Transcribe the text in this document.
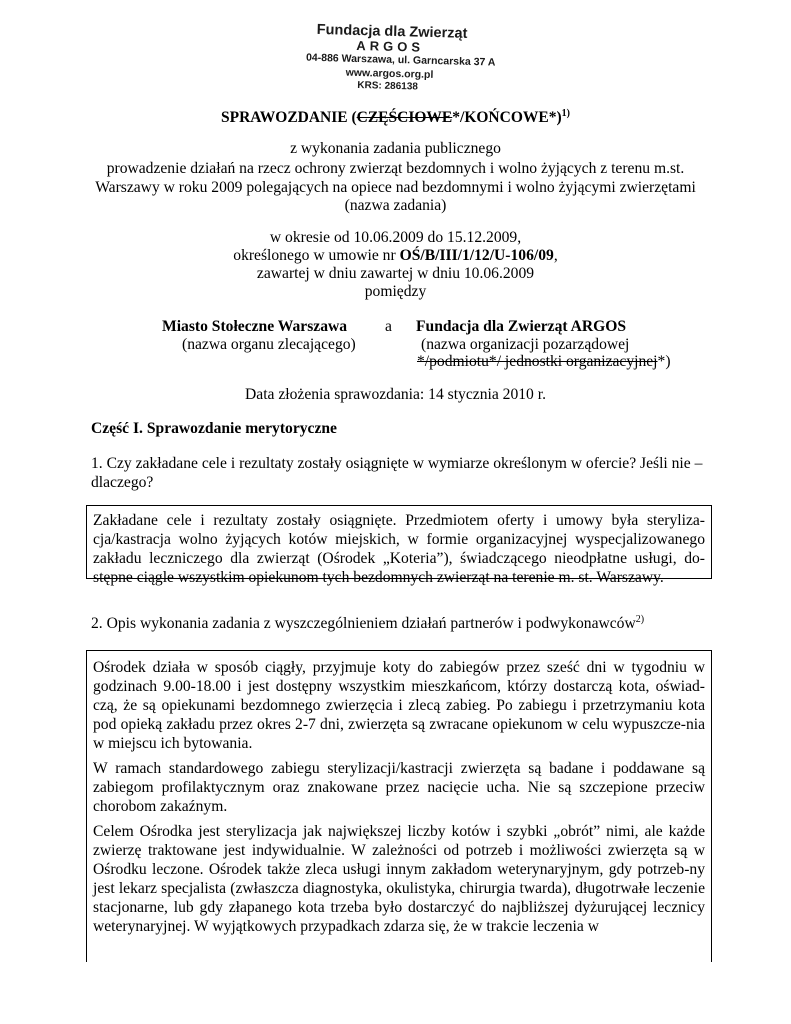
Fundacja dla Zwierząt
ARGOS
04-886 Warszawa, ul. Garncarska 37 A
www.argos.org.pl
KRS: 286138
SPRAWOZDANIE (CZĘŚCIOWE*/KOŃCOWE*)$^{1)}$
z wykonania zadania publicznego
prowadzenie działań na rzecz ochrony zwierząt bezdomnych i wolno żyjących z terenu m.st.
Warszawy w roku 2009 polegających na opiece nad bezdomnymi i wolno żyjącymi zwierzętami
(nazwa zadania)
w okresie od 10.06.2009 do 15.12.2009,
określonego w umowie nr OŚ/B/III/1/12/U-106/09,
zawartej w dniu zawartej w dniu 10.06.2009
pomiędzy
Miasto Stołeczne Warszawa a Fundacja dla Zwierząt ARGOS
(nazwa organu zlecającego)	(nazwa organizacji pozarządowej
*/podmiotu*/ jednostki organizacyjnej*)
Data złożenia sprawozdania: 14 stycznia 2010 r.
Część I. Sprawozdanie merytoryczne
1. Czy zakładane cele i rezultaty zostały osiągnięte w wymiarze określonym w ofercie? Jeśli nie – dlaczego?
Zakładane cele i rezultaty zostały osiągnięte. Przedmiotem oferty i umowy była steryliza-cja/kastracja wolno żyjących kotów miejskich, w formie organizacyjnej wyspecjalizowanego zakładu leczniczego dla zwierząt (Ośrodek „Koteria”), świadczącego nieodpłatne usługi, do-stępne ciągle wszystkim opiekunom tych bezdomnych zwierząt na terenie m. st. Warszawy.
2. Opis wykonania zadania z wyszczególnieniem działań partnerów i podwykonawców$^{2)}$

Ośrodek działa w sposób ciągły, przyjmuje koty do zabiegów przez sześć dni w tygodniu w godzinach 9.00-18.00 i jest dostępny wszystkim mieszkańcom, którzy dostarczą kota, oświad-czą, że są opiekunami bezdomnego zwierzęcia i zlecą zabieg. Po zabiegu i przetrzymaniu kota pod opieką zakładu przez okres 2-7 dni, zwierzęta są zwracane opiekunom w celu wypuszcze-nia w miejscu ich bytowania.

W ramach standardowego zabiegu sterylizacji/kastracji zwierzęta są badane i poddawane są zabiegom profilaktycznym oraz znakowane przez nacięcie ucha. Nie są szczepione przeciw chorobom zakaźnym.

Celem Ośrodka jest sterylizacja jak największej liczby kotów i szybki „obrót” nimi, ale każde zwierzę traktowane jest indywidualnie. W zależności od potrzeb i możliwości zwierzęta są w Ośrodku leczone. Ośrodek także zleca usługi innym zakładom weterynaryjnym, gdy potrzeb-ny jest lekarz specjalista (zwłaszcza diagnostyka, okulistyka, chirurgia twarda), długotrwałe leczenie stacjonarne, lub gdy złapanego kota trzeba było dostarczyć do najbliższej dyżurującej lecznicy weterynaryjnej. W wyjątkowych przypadkach zdarza się, że w trakcie leczenia w
